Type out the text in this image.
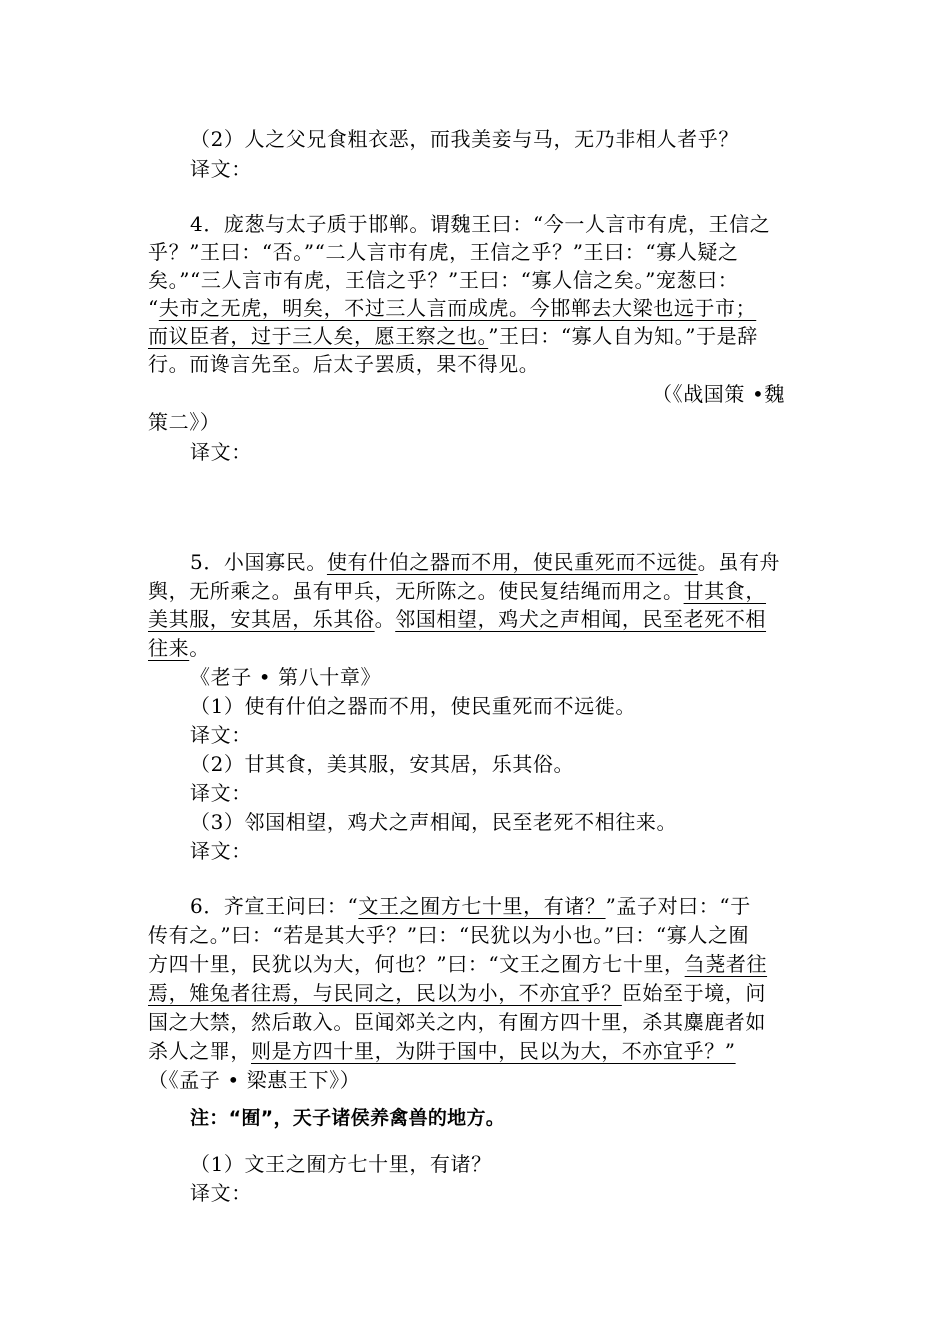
（2）人之父兄食粗衣恶，而我美妾与马，无乃非相人者乎？
译文：
4．庞葱与太子质于邯郸。谓魏王曰：“今一人言市有虎，王信之
乎？”王曰：“否。”“二人言市有虎，王信之乎？”王曰：“寡人疑之
矣。”“三人言市有虎，王信之乎？”王曰：“寡人信之矣。”宠葱曰：
“夫市之无虎，明矣，不过三人言而成虎。今邯郸去大梁也远于市；
而议臣者，过于三人矣，愿王察之也。”王曰：“寡人自为知。”于是辞
行。而谗言先至。后太子罢质，果不得见。
（《战国策 •魏
策二》）
译文：
5．小国寡民。使有什伯之器而不用，使民重死而不远徙。虽有舟
舆，无所乘之。虽有甲兵，无所陈之。使民复结绳而用之。甘其食，
美其服，安其居，乐其俗。邻国相望，鸡犬之声相闻，民至老死不相
往来。
《老子 • 第八十章》
（1）使有什伯之器而不用，使民重死而不远徙。
译文：
（2）甘其食，美其服，安其居，乐其俗。
译文：
（3）邻国相望，鸡犬之声相闻，民至老死不相往来。
译文：
6．齐宣王问曰：“文王之囿方七十里，有诸？”孟子对曰：“于
传有之。”曰：“若是其大乎？”曰：“民犹以为小也。”曰：“寡人之囿
方四十里，民犹以为大，何也？”曰：“文王之囿方七十里，刍荛者往
焉，雉兔者往焉，与民同之，民以为小，不亦宜乎？臣始至于境，问
国之大禁，然后敢入。臣闻郊关之内，有囿方四十里，杀其麋鹿者如
杀人之罪，则是方四十里，为阱于国中，民以为大，不亦宜乎？”
（《孟子 • 梁惠王下》）
注：“囿”，天子诸侯养禽兽的地方。
（1）文王之囿方七十里，有诸？
译文：
